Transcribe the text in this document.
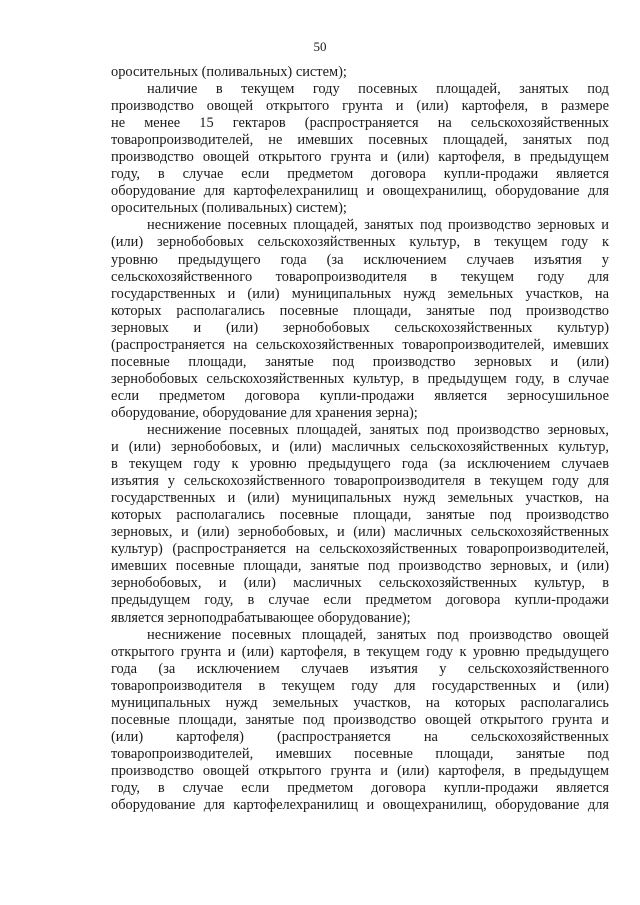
50
оросительных (поливальных) систем);
наличие в текущем году посевных площадей, занятых под
производство овощей открытого грунта и (или) картофеля, в размере
не менее 15 гектаров (распространяется на сельскохозяйственных
товаропроизводителей, не имевших посевных площадей, занятых под
производство овощей открытого грунта и (или) картофеля, в предыдущем
году, в случае если предметом договора купли-продажи является
оборудование для картофелехранилищ и овощехранилищ, оборудование для
оросительных (поливальных) систем);
неснижение посевных площадей, занятых под производство зерновых и
(или) зернобобовых сельскохозяйственных культур, в текущем году к
уровню предыдущего года (за исключением случаев изъятия у
сельскохозяйственного товаропроизводителя в текущем году для
государственных и (или) муниципальных нужд земельных участков, на
которых располагались посевные площади, занятые под производство
зерновых и (или) зернобобовых сельскохозяйственных культур)
(распространяется на сельскохозяйственных товаропроизводителей, имевших
посевные площади, занятые под производство зерновых и (или)
зернобобовых сельскохозяйственных культур, в предыдущем году, в случае
если предметом договора купли-продажи является зерносушильное
оборудование, оборудование для хранения зерна);
неснижение посевных площадей, занятых под производство зерновых,
и (или) зернобобовых, и (или) масличных сельскохозяйственных культур,
в текущем году к уровню предыдущего года (за исключением случаев
изъятия у сельскохозяйственного товаропроизводителя в текущем году для
государственных и (или) муниципальных нужд земельных участков, на
которых располагались посевные площади, занятые под производство
зерновых, и (или) зернобобовых, и (или) масличных сельскохозяйственных
культур) (распространяется на сельскохозяйственных товаропроизводителей,
имевших посевные площади, занятые под производство зерновых, и (или)
зернобобовых, и (или) масличных сельскохозяйственных культур, в
предыдущем году, в случае если предметом договора купли-продажи
является зерноподрабатывающее оборудование);
неснижение посевных площадей, занятых под производство овощей
открытого грунта и (или) картофеля, в текущем году к уровню предыдущего
года (за исключением случаев изъятия у сельскохозяйственного
товаропроизводителя в текущем году для государственных и (или)
муниципальных нужд земельных участков, на которых располагались
посевные площади, занятые под производство овощей открытого грунта и
(или) картофеля) (распространяется на сельскохозяйственных
товаропроизводителей, имевших посевные площади, занятые под
производство овощей открытого грунта и (или) картофеля, в предыдущем
году, в случае если предметом договора купли-продажи является
оборудование для картофелехранилищ и овощехранилищ, оборудование для
